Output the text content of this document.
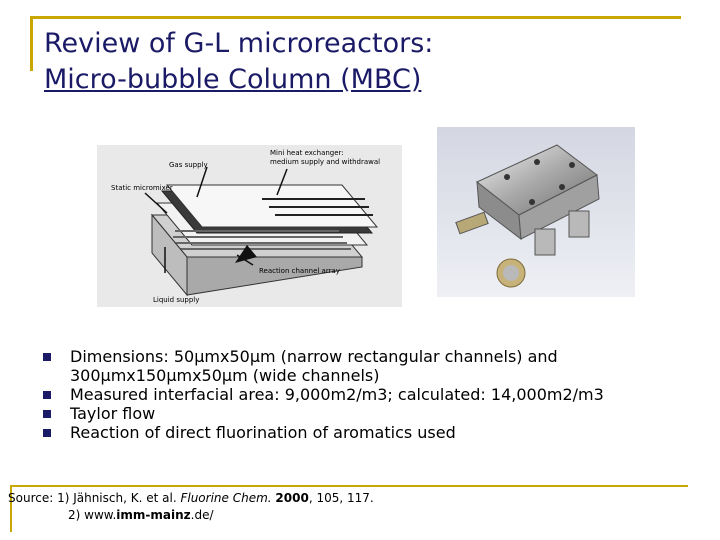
Review of G-L microreactors:
Micro-bubble Column (MBC)
Gas supply
Static micromixer
Mini heat exchanger:
medium supply and withdrawal
Reaction channel array
Liquid supply
Dimensions: 50µmx50µm (narrow rectangular channels) and
300µmx150µmx50µm (wide channels)
Measured interfacial area: 9,000m2/m3; calculated: 14,000m2/m3
Taylor flow
Reaction of direct fluorination of aromatics used
Source: 1) Jähnisch, K. et al. Fluorine Chem. 2000, 105, 117.
2) www.imm-mainz.de/
